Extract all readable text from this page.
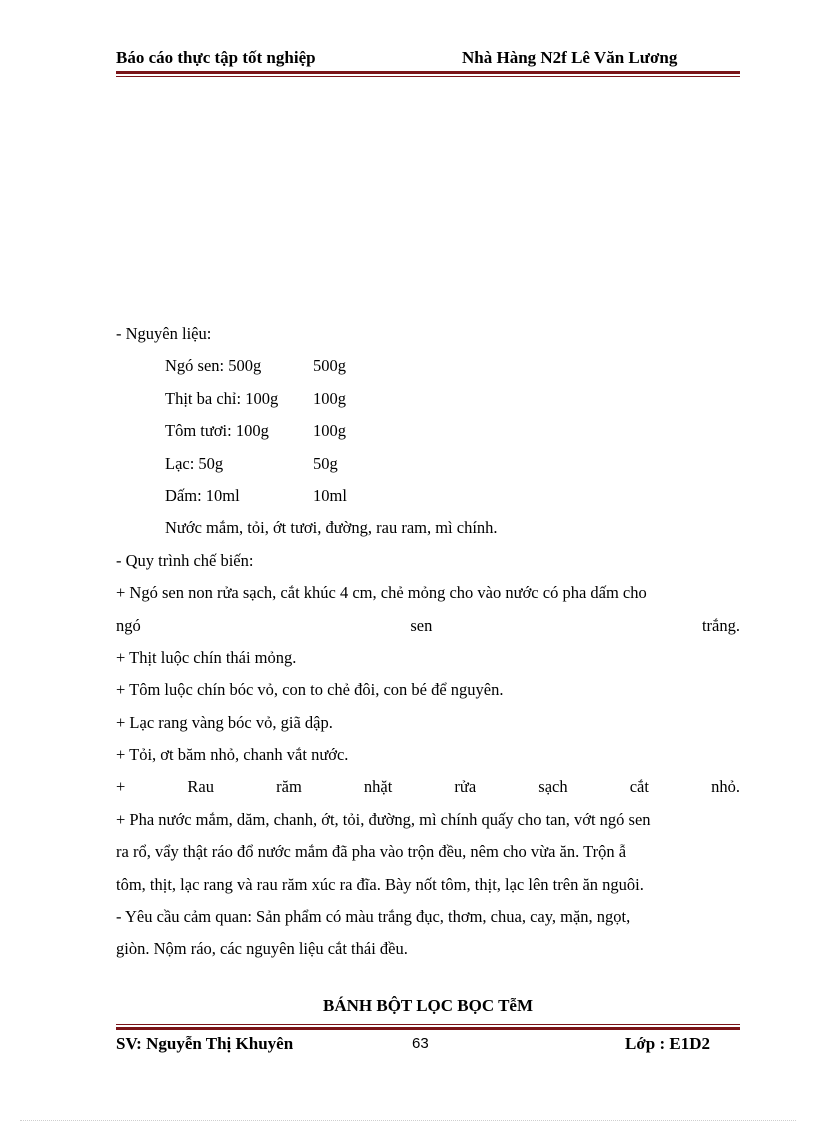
Báo cáo thực tập tốt nghiệp	Nhà Hàng N2f Lê Văn Lương
- Nguyên liệu:
Ngó sen: 500g	500g
Thịt ba chỉ: 100g 100g
Tôm tươi: 100g	100g
Lạc: 50g	50g
Dấm: 10ml	10ml
Nước mắm, tỏi, ớt tươi, đường, rau ram, mì chính.
- Quy trình chế biến:
+ Ngó sen non rửa sạch, cắt khúc 4 cm, chẻ mỏng cho vào nước có pha dấm cho
ngó	sen	trắng.
+ Thịt luộc chín thái mỏng.
+ Tôm luộc chín bóc vỏ, con to chẻ đôi, con bé để nguyên.
+ Lạc rang vàng bóc vỏ, giã dập.
+ Tỏi, ơt băm nhỏ, chanh vắt nước.
+	Rau	răm	nhặt	rửa	sạch	cắt	nhỏ.
+ Pha nước mắm, dăm, chanh, ớt, tỏi, đường, mì chính quấy cho tan, vớt ngó sen
ra rổ, vẩy thật ráo đổ nước mắm đã pha vào trộn đều, nêm cho vừa ăn. Trộn ẫ
tôm, thịt, lạc rang và rau răm xúc ra đĩa. Bày nốt tôm, thịt, lạc lên trên ăn nguôi.
- Yêu cầu cảm quan: Sản phẩm có màu trắng đục, thơm, chua, cay, mặn, ngọt,
giòn. Nộm ráo, các nguyên liệu cắt thái đều.
BÁNH BỘT LỌC BỌC TễM
SV: Nguyễn Thị Khuyên	63	Lớp : E1D2
